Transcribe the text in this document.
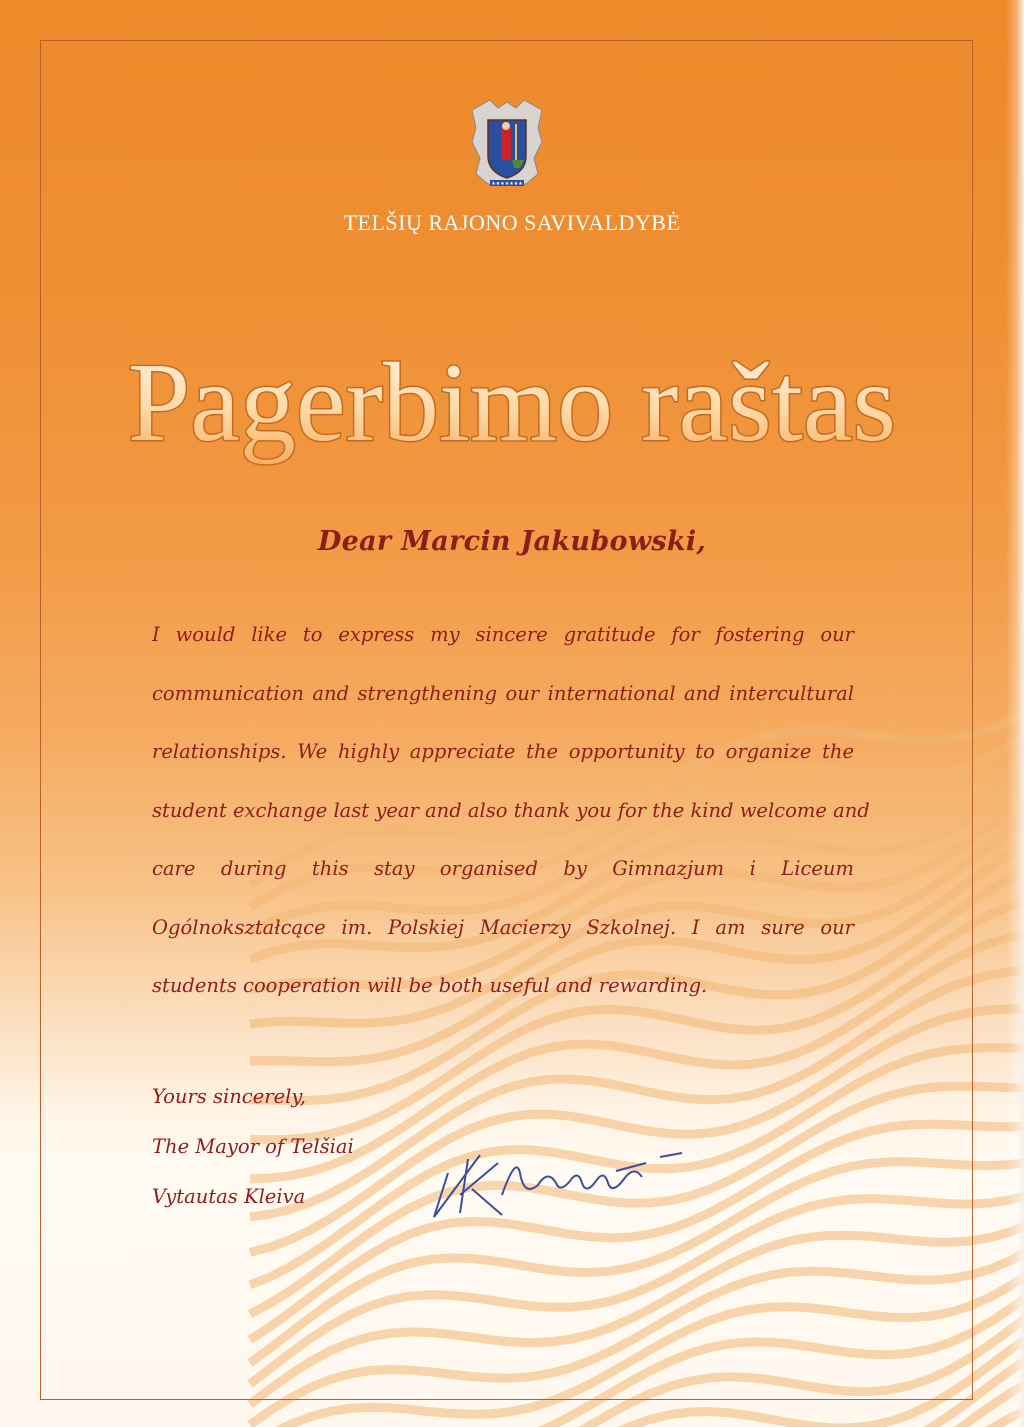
★★★★★★★
TELŠIŲ RAJONO SAVIVALDYBĖ
Pagerbimo raštas
Dear Marcin Jakubowski,
I would like to express my sincere gratitude for fostering our
communication and strengthening our international and intercultural
relationships. We highly appreciate the opportunity to organize the
student exchange last year and also thank you for the kind welcome and
care during this stay organised by Gimnazjum i Liceum
Ogólnokształcące im. Polskiej Macierzy Szkolnej. I am sure our
students cooperation will be both useful and rewarding.
Yours sincerely,
The Mayor of Telšiai
Vytautas Kleiva
